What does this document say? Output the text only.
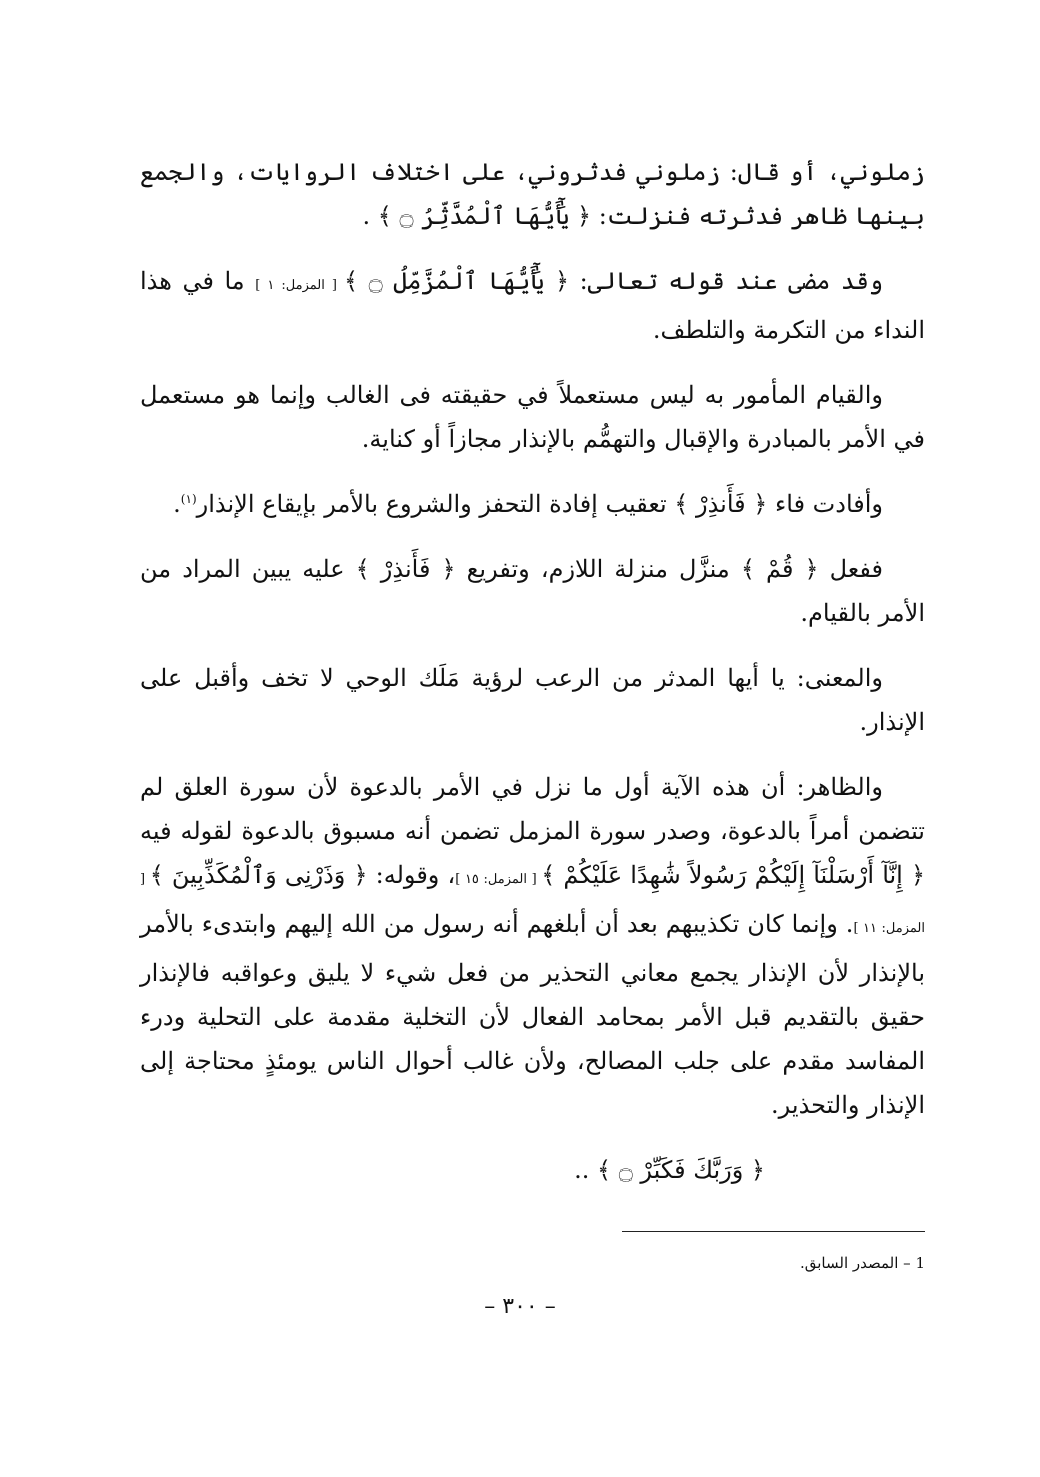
زملوني، أو قال: زملوني فدثروني، على اختلاف الروايات، والجمع بينها ظاهر فدثرته فنزلت: ﴿ يَٰٓأَيُّهَا ٱلْمُدَّثِّرُ ۝ ﴾ .

وقد مضى عند قوله تعالى: ﴿ يَٰٓأَيُّهَا ٱلْمُزَّمِّلُ ۝ ﴾ [ المزمل: ١ ] ما في هذا النداء من التكرمة والتلطف.

والقيام المأمور به ليس مستعملاً في حقيقته فى الغالب وإنما هو مستعمل في الأمر بالمبادرة والإقبال والتهمُّم بالإنذار مجازاً أو كناية.

وأفادت فاء ﴿ فَأَنذِرْ ﴾ تعقيب إفادة التحفز والشروع بالأمر بإيقاع الإنذار$^{(١)}$.

ففعل ﴿ قُمْ ﴾ منزَّل منزلة اللازم، وتفريع ﴿ فَأَنذِرْ ﴾ عليه يبين المراد من الأمر بالقيام.

والمعنى: يا أيها المدثر من الرعب لرؤية مَلَك الوحي لا تخف وأقبل على الإنذار.

والظاهر: أن هذه الآية أول ما نزل في الأمر بالدعوة لأن سورة العلق لم تتضمن أمراً بالدعوة، وصدر سورة المزمل تضمن أنه مسبوق بالدعوة لقوله فيه ﴿ إِنَّآ أَرْسَلْنَآ إِلَيْكُمْ رَسُولاً شَٰهِدًا عَلَيْكُمْ ﴾ [ المزمل: ١٥ ]، وقوله: ﴿ وَذَرْنِى وَٱلْمُكَذِّبِينَ ﴾ [ المزمل: ١١ ]. وإنما كان تكذيبهم بعد أن أبلغهم أنه رسول من الله إليهم وابتدىء بالأمر بالإنذار لأن الإنذار يجمع معاني التحذير من فعل شيء لا يليق وعواقبه فالإنذار حقيق بالتقديم قبل الأمر بمحامد الفعال لأن التخلية مقدمة على التحلية ودرء المفاسد مقدم على جلب المصالح، ولأن غالب أحوال الناس يومئذٍ محتاجة إلى الإنذار والتحذير.

﴿ وَرَبَّكَ فَكَبِّرْ ۝ ﴾ ..

1 – المصدر السابق.
– ٣٠٠ –
